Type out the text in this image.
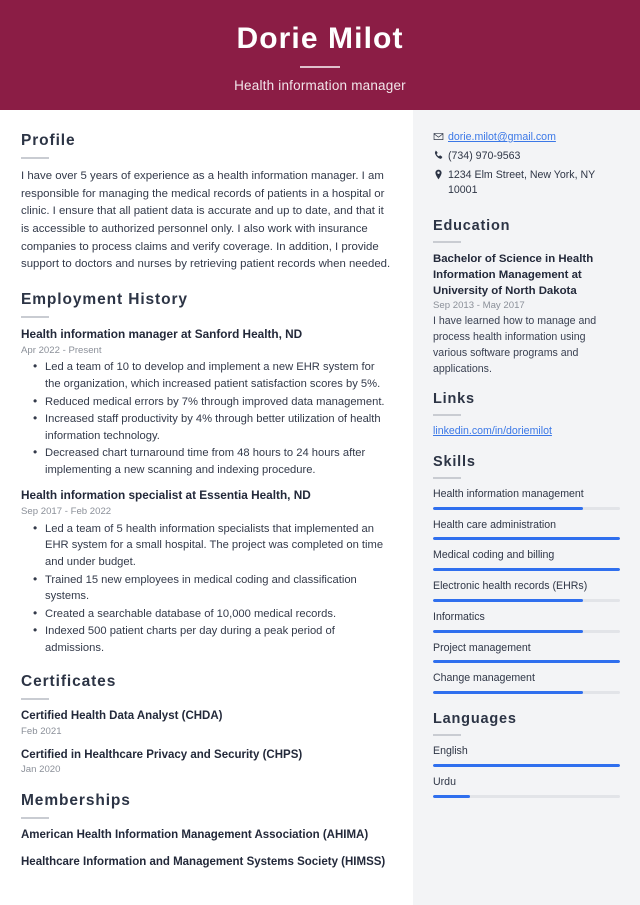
Dorie Milot
Health information manager
Profile

I have over 5 years of experience as a health information manager. I am responsible for managing the medical records of patients in a hospital or clinic. I ensure that all patient data is accurate and up to date, and that it is accessible to authorized personnel only. I also work with insurance companies to process claims and verify coverage. In addition, I provide support to doctors and nurses by retrieving patient records when needed.

Employment History
Health information manager at Sanford Health, ND
Apr 2022 - Present
• Led a team of 10 to develop and implement a new EHR system for the organization, which increased patient satisfaction scores by 5%.
• Reduced medical errors by 7% through improved data management.
• Increased staff productivity by 4% through better utilization of health information technology.
• Decreased chart turnaround time from 48 hours to 24 hours after implementing a new scanning and indexing procedure.
Health information specialist at Essentia Health, ND
Sep 2017 - Feb 2022
• Led a team of 5 health information specialists that implemented an EHR system for a small hospital. The project was completed on time and under budget.
• Trained 15 new employees in medical coding and classification systems.
• Created a searchable database of 10,000 medical records.
• Indexed 500 patient charts per day during a peak period of admissions.
Certificates
Certified Health Data Analyst (CHDA)
Feb 2021
Certified in Healthcare Privacy and Security (CHPS)
Jan 2020
Memberships
American Health Information Management Association (AHIMA)
Healthcare Information and Management Systems Society (HIMSS)
dorie.milot@gmail.com
(734) 970-9563
1234 Elm Street, New York, NY 10001
Education
Bachelor of Science in Health Information Management at University of North Dakota
Sep 2013 - May 2017

I have learned how to manage and process health information using various software programs and applications.

Links
linkedin.com/in/doriemilot
Skills
Health information management
Health care administration
Medical coding and billing
Electronic health records (EHRs)
Informatics
Project management
Change management
Languages
English
Urdu
